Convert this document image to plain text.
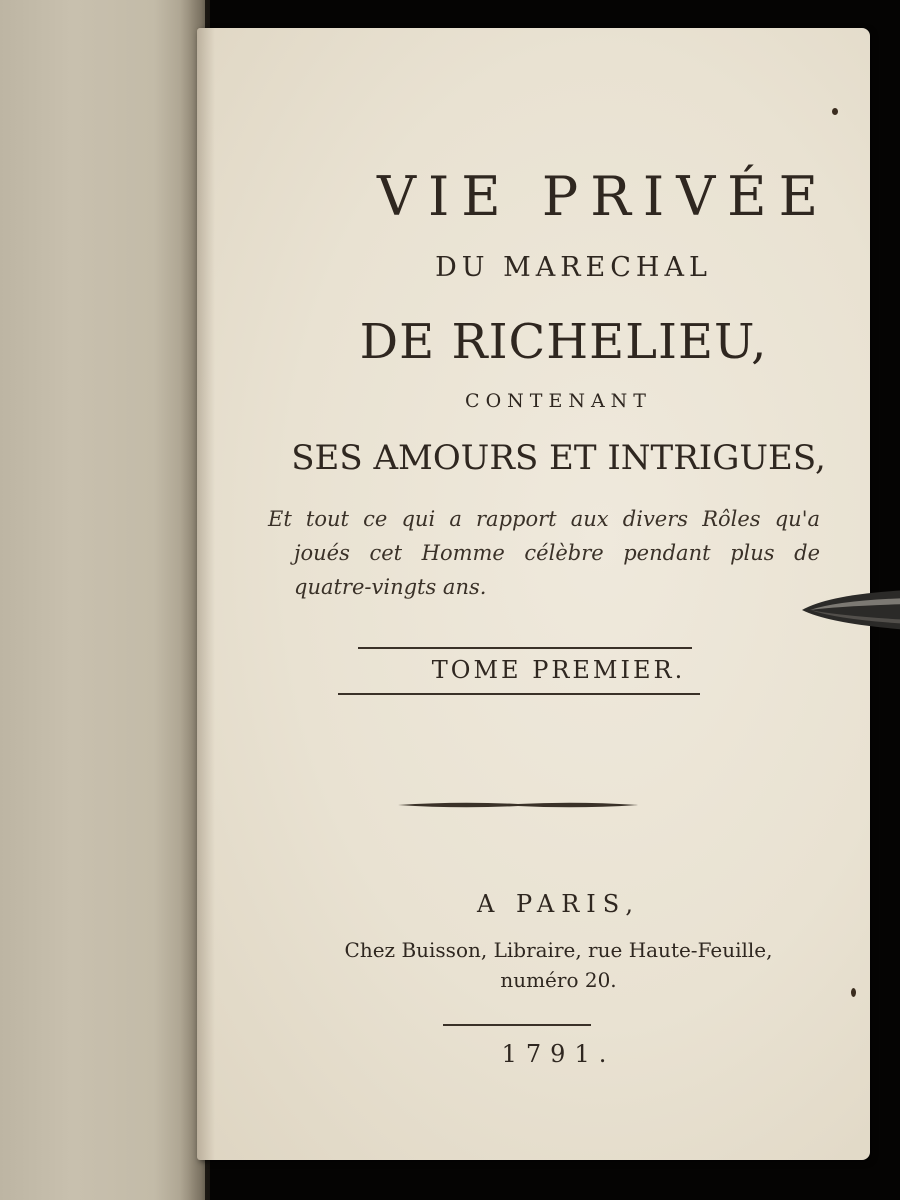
VIE PRIVÉE
DU MARECHAL
DE RICHELIEU,
CONTENANT
SES AMOURS ET INTRIGUES,
Et tout ce qui a rapport aux divers Rôles qu'a
joués cet Homme célèbre pendant plus de
quatre-vingts ans.
TOME PREMIER.
A PARIS,
Chez Buisson, Libraire, rue Haute-Feuille,
numéro 20.
1791.
